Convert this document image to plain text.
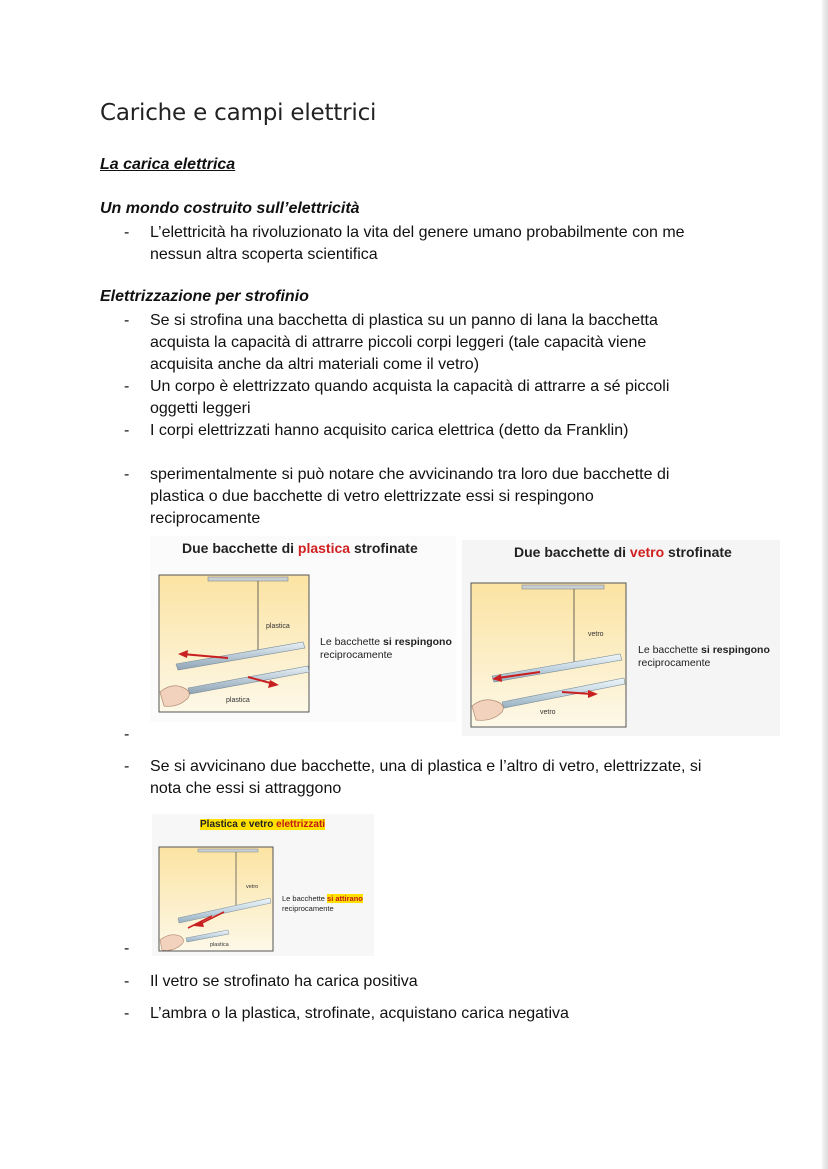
Cariche e campi elettrici
La carica elettrica
Un mondo costruito sull’elettricità
- L’elettricità ha rivoluzionato la vita del genere umano probabilmente con me
nessun altra scoperta scientifica
Elettrizzazione per strofinio
- Se si strofina una bacchetta di plastica su un panno di lana la bacchetta
acquista la capacità di attrarre piccoli corpi leggeri (tale capacità viene
acquisita anche da altri materiali come il vetro)
- Un corpo è elettrizzato quando acquista la capacità di attrarre a sé piccoli
oggetti leggeri
- I corpi elettrizzati hanno acquisito carica elettrica (detto da Franklin)
- sperimentalmente si può notare che avvicinando tra loro due bacchette di
plastica o due bacchette di vetro elettrizzate essi si respingono
reciprocamente
Due bacchette di plastica strofinate
plastica
plastica
Le bacchette si respingono
reciprocamente
Due bacchette di vetro strofinate
vetro
vetro
Le bacchette si respingono
reciprocamente
-
- Se si avvicinano due bacchette, una di plastica e l’altro di vetro, elettrizzate, si
nota che essi si attraggono
Plastica e vetro elettrizzati
vetro
plastica
Le bacchette si attirano
reciprocamente
-
- Il vetro se strofinato ha carica positiva
- L’ambra o la plastica, strofinate, acquistano carica negativa
